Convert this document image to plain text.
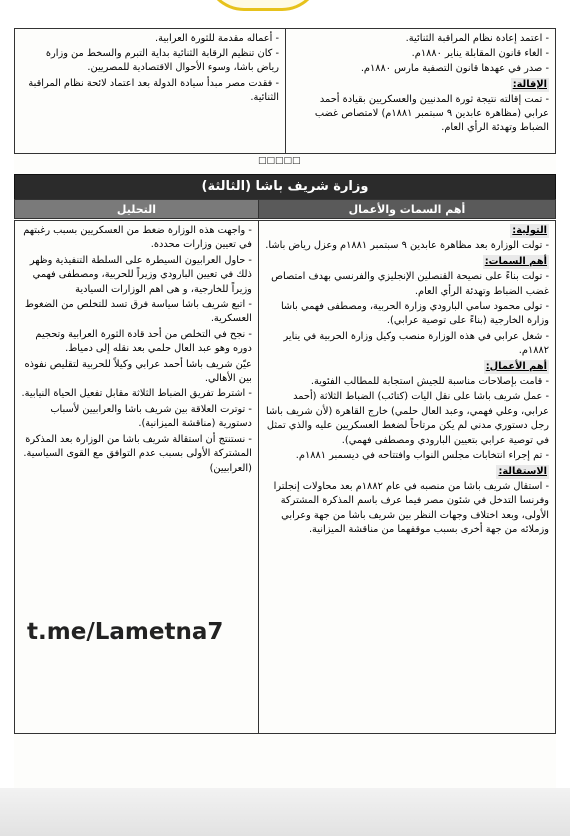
- اعتمد إعادة نظام المراقبة الثنائية.

- الغاء قانون المقابلة يناير ١٨٨٠م.

- صدر في عهدها قانون التصفية مارس ١٨٨٠م.

الإقالة:

- تمت إقالته نتيجة ثورة المدنيين والعسكريين بقيادة أحمد عرابي (مظاهرة عابدين ٩ سبتمبر ١٨٨١م) لامتصاص غضب الضباط وتهدئة الرأي العام.

- أعماله مقدمة للثورة العرابية.

- كان تنظيم الرقابة الثنائية بداية التبرم والسخط من وزارة رياض باشا، وسوء الأحوال الاقتصادية للمصريين.

- فقدت مصر مبدأ سيادة الدولة بعد اعتماد لائحة نظام المراقبة الثنائية.

□□□□□
وزارة شريف باشا (الثالثة)
أهم السمات والأعمال
التحليل

التولية:

- تولت الوزارة بعد مظاهرة عابدين ٩ سبتمبر ١٨٨١م وعزل رياض باشا.

أهم السمات:

- تولت بناءً على نصيحة القنصلين الإنجليزي والفرنسي بهدف امتصاص غضب الضباط وتهدئة الرأي العام.

- تولى محمود سامي البارودي وزارة الحربية، ومصطفى فهمي باشا وزارة الخارجية (بناءً على توصية عرابي).

- شغل عرابي في هذه الوزارة منصب وكيل وزارة الحربية في يناير ١٨٨٢م.

أهم الأعمال:

- قامت بإصلاحات مناسبة للجيش استجابة للمطالب الفئوية.

- عمل شريف باشا على نقل اليات (كتائب) الضباط الثلاثة (أحمد عرابي، وعلي فهمي، وعبد العال حلمي) خارج القاهرة (لأن شريف باشا رجل دستوري مدني لم يكن مرتاحاً لضغط العسكريين عليه والذي تمثل في توصية عرابي بتعيين البارودي ومصطفى فهمي).

- تم إجراء انتخابات مجلس النواب وافتتاحه في ديسمبر ١٨٨١م.

الاستقالة:

- استقال شريف باشا من منصبه في عام ١٨٨٢م بعد محاولات إنجلترا وفرنسا التدخل في شئون مصر فيما عرف باسم المذكرة المشتركة الأولى، وبعد اختلاف وجهات النظر بين شريف باشا من جهة وعرابي وزملائه من جهة أخرى بسبب موقفهما من مناقشة الميزانية.

- واجهت هذه الوزارة ضغط من العسكريين بسبب رغبتهم في تعيين وزارات محددة.

- حاول العرابيون السيطرة على السلطة التنفيذية وظهر ذلك في تعيين البارودي وزيراً للحربية، ومصطفى فهمي وزيراً للخارجية، و هى اهم الوزارات السيادية

- اتبع شريف باشا سياسة فرق تسد للتخلص من الضغوط العسكرية.

- نجح في التخلص من أحد قادة الثورة العرابية وتحجيم دوره وهو عبد العال حلمي بعد نقله إلى دمياط.

عيّن شريف باشا أحمد عرابي وكيلاً للحربية لتقليص نفوذه بين الأهالي.

- اشترط تفريق الضباط الثلاثة مقابل تفعيل الحياة النيابية.

- توترت العلاقة بين شريف باشا والعرابيين لأسباب دستورية (مناقشة الميزانية).

- نستنتج أن استقالة شريف باشا من الوزارة بعد المذكرة المشتركة الأولى بسبب عدم التوافق مع القوى السياسية. (العرابيين)

t.me/Lametna7
